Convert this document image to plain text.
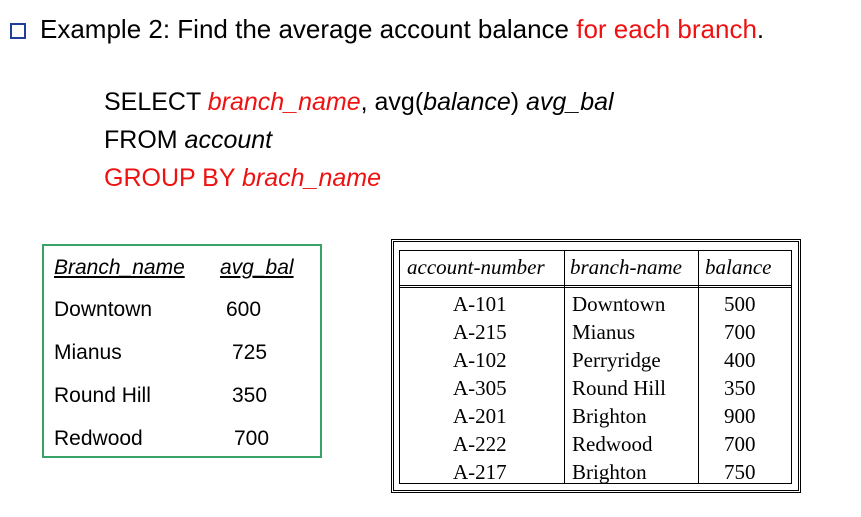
Example 2: Find the average account balance for each branch.
SELECT branch_name, avg(balance) avg_bal
FROM account
GROUP BY brach_name
Branch_name avg_bal
Downtown	600
Mianus	725
Round Hill	350
Redwood	700
account-number branch-name balance
A-101	Downtown	500
A-215	Mianus	700
A-102	Perryridge	400
A-305	Round Hill	350
A-201	Brighton	900
A-222	Redwood	700
A-217	Brighton	750
